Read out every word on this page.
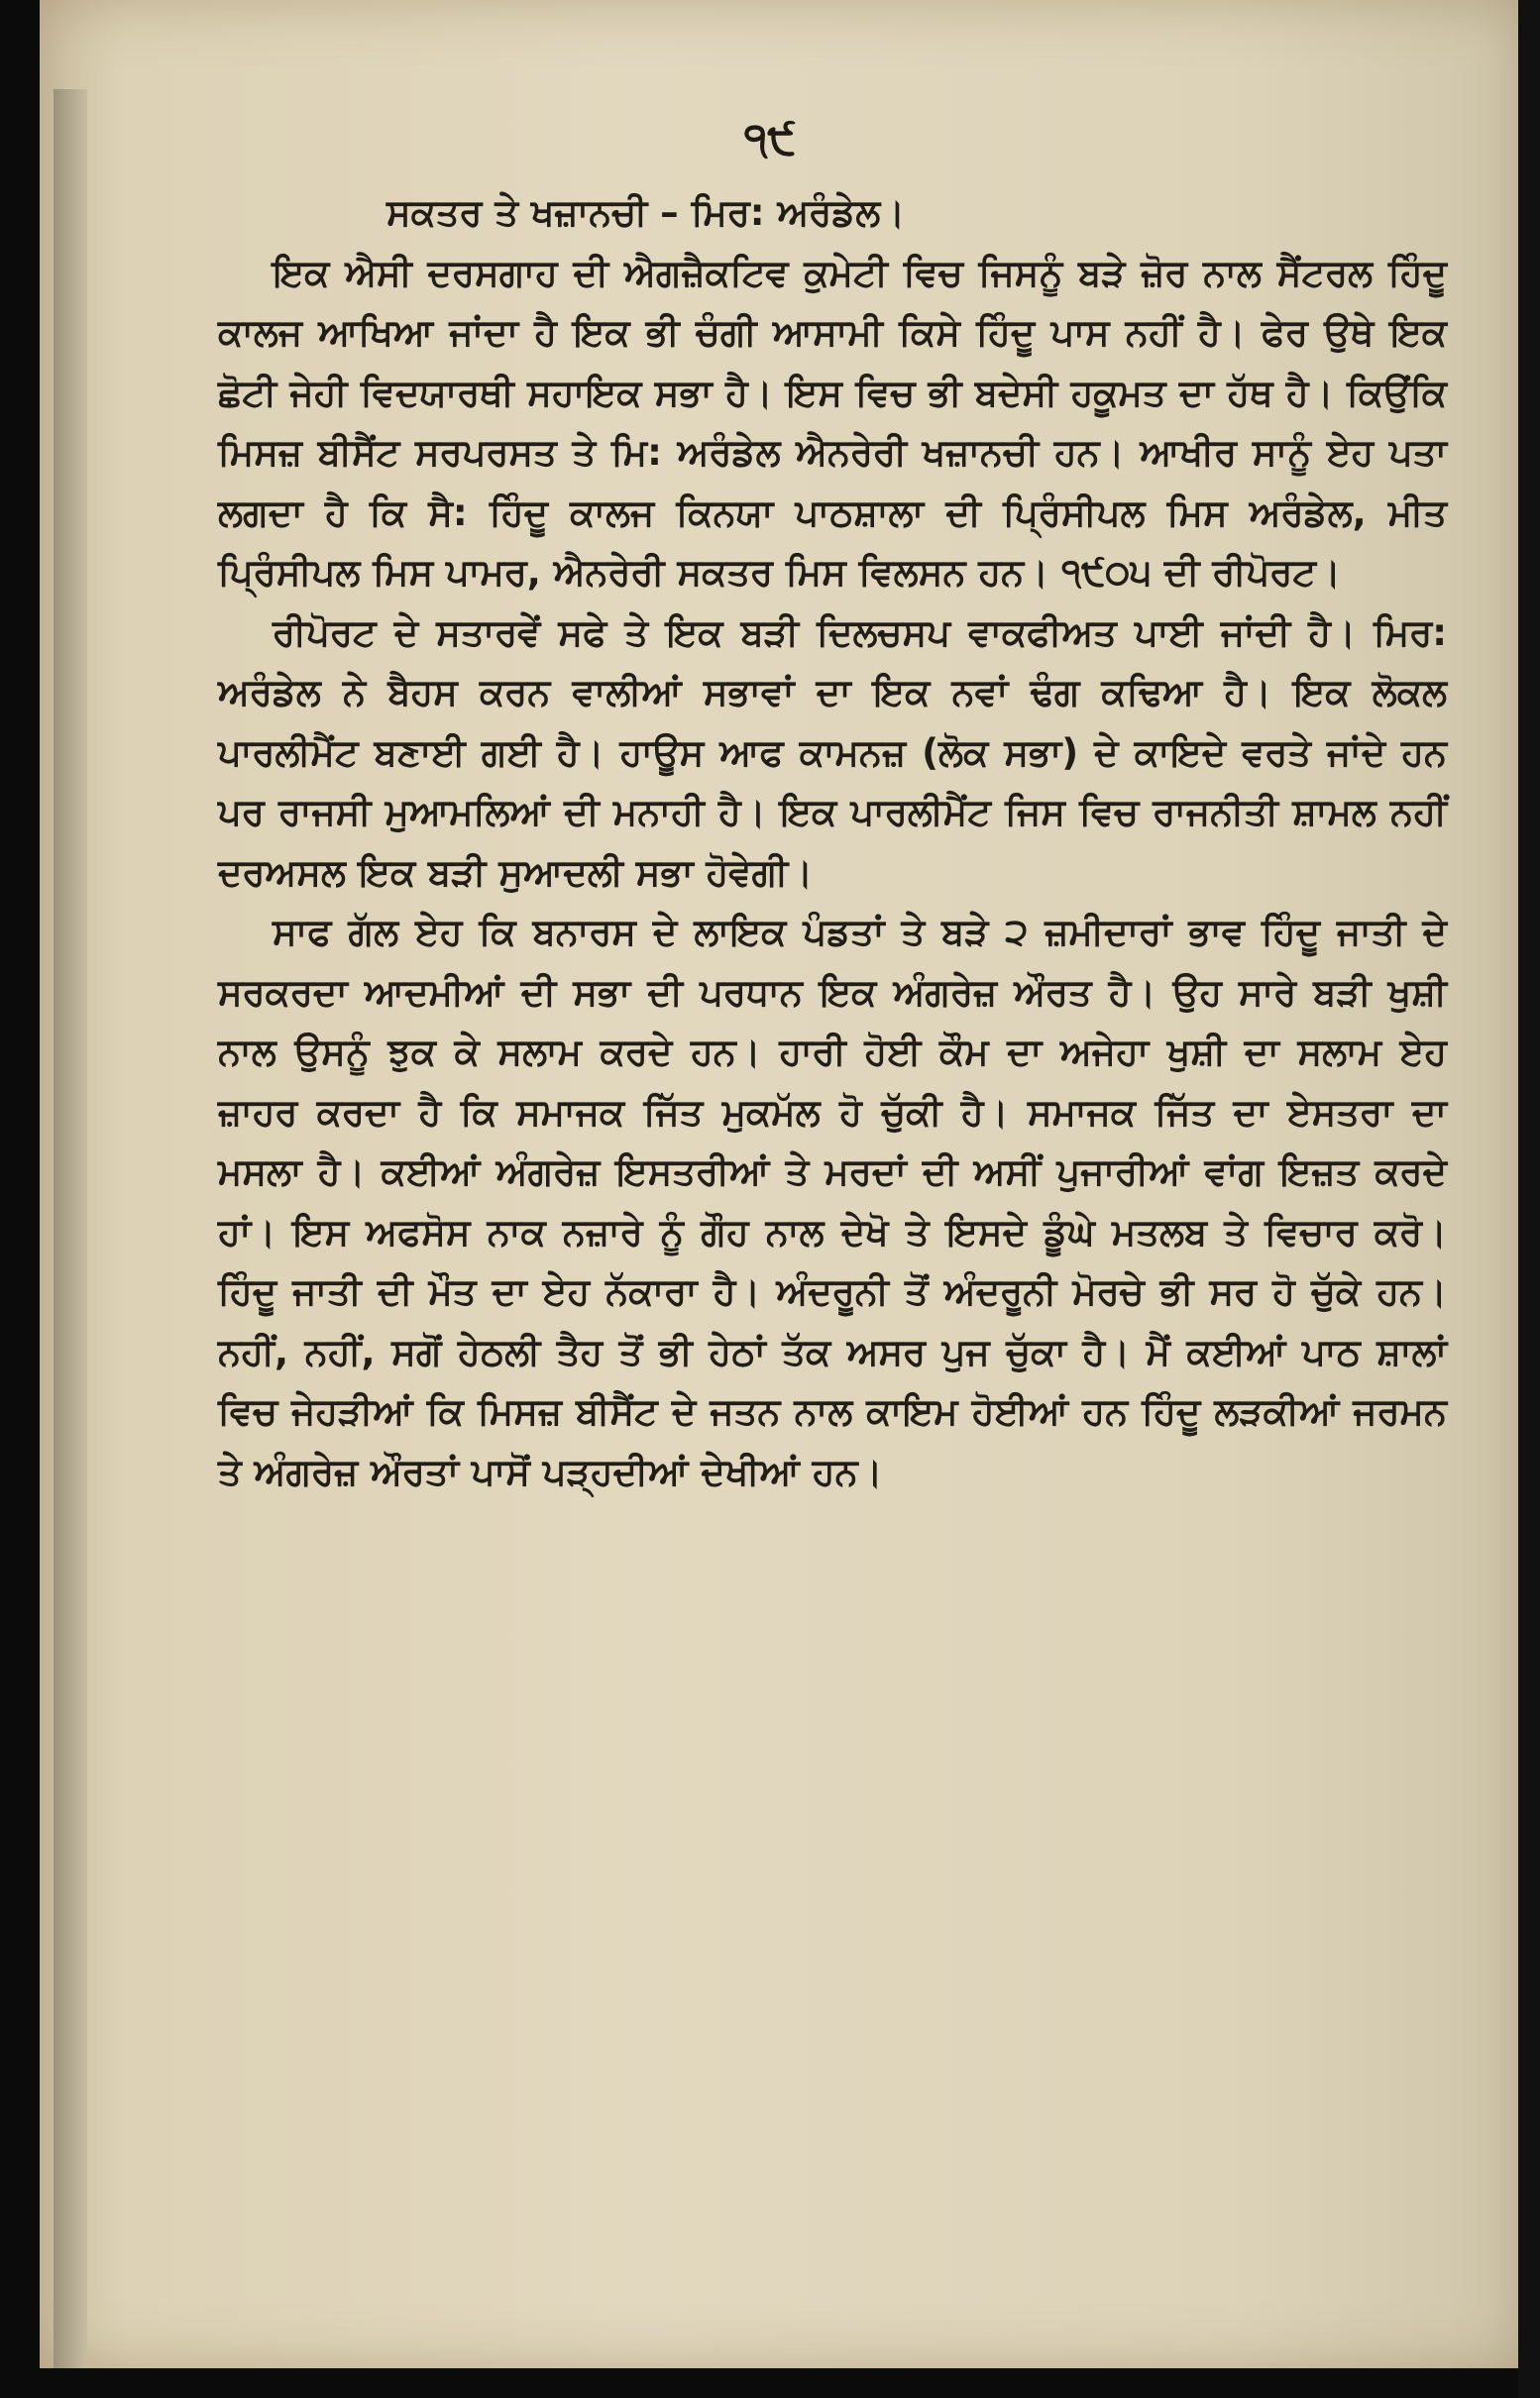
੧੯

ਸਕਤਰ ਤੇ ਖਜ਼ਾਨਚੀ – ਮਿਰ: ਅਰੰਡੇਲ।

ਇਕ ਐਸੀ ਦਰਸਗਾਹ ਦੀ ਐਗਜ਼ੈਕਟਿਵ ਕੁਮੇਟੀ ਵਿਚ ਜਿਸਨੂੰ ਬੜੇ ਜ਼ੋਰ ਨਾਲ ਸੈਂਟਰਲ ਹਿੰਦੂ ਕਾਲਜ ਆਖਿਆ ਜਾਂਦਾ ਹੈ ਇਕ ਭੀ ਚੰਗੀ ਆਸਾਮੀ ਕਿਸੇ ਹਿੰਦੂ ਪਾਸ ਨਹੀਂ ਹੈ। ਫੇਰ ਉਥੇ ਇਕ ਛੋਟੀ ਜੇਹੀ ਵਿਦਯਾਰਥੀ ਸਹਾਇਕ ਸਭਾ ਹੈ। ਇਸ ਵਿਚ ਭੀ ਬਦੇਸੀ ਹਕੂਮਤ ਦਾ ਹੱਥ ਹੈ। ਕਿਉਂਕਿ ਮਿਸਜ਼ ਬੀਸੈਂਟ ਸਰਪਰਸਤ ਤੇ ਮਿ: ਅਰੰਡੇਲ ਐਨਰੇਰੀ ਖਜ਼ਾਨਚੀ ਹਨ। ਆਖੀਰ ਸਾਨੂੰ ਏਹ ਪਤਾ ਲਗਦਾ ਹੈ ਕਿ ਸੈ: ਹਿੰਦੂ ਕਾਲਜ ਕਿਨਯਾ ਪਾਠਸ਼ਾਲਾ ਦੀ ਪ੍ਰਿੰਸੀਪਲ ਮਿਸ ਅਰੰਡੇਲ, ਮੀਤ ਪ੍ਰਿੰਸੀਪਲ ਮਿਸ ਪਾਮਰ, ਐਨਰੇਰੀ ਸਕਤਰ ਮਿਸ ਵਿਲਸਨ ਹਨ। ੧੯੦੫ ਦੀ ਰੀਪੋਰਟ।

ਰੀਪੋਰਟ ਦੇ ਸਤਾਰਵੇਂ ਸਫੇ ਤੇ ਇਕ ਬੜੀ ਦਿਲਚਸਪ ਵਾਕਫੀਅਤ ਪਾਈ ਜਾਂਦੀ ਹੈ। ਮਿਰ: ਅਰੰਡੇਲ ਨੇ ਬੈਹਸ ਕਰਨ ਵਾਲੀਆਂ ਸਭਾਵਾਂ ਦਾ ਇਕ ਨਵਾਂ ਢੰਗ ਕਢਿਆ ਹੈ। ਇਕ ਲੋਕਲ ਪਾਰਲੀਮੈਂਟ ਬਣਾਈ ਗਈ ਹੈ। ਹਾਊਸ ਆਫ ਕਾਮਨਜ਼ (ਲੋਕ ਸਭਾ) ਦੇ ਕਾਇਦੇ ਵਰਤੇ ਜਾਂਦੇ ਹਨ ਪਰ ਰਾਜਸੀ ਮੁਆਮਲਿਆਂ ਦੀ ਮਨਾਹੀ ਹੈ। ਇਕ ਪਾਰਲੀਮੈਂਟ ਜਿਸ ਵਿਚ ਰਾਜਨੀਤੀ ਸ਼ਾਮਲ ਨਹੀਂ ਦਰਅਸਲ ਇਕ ਬੜੀ ਸੁਆਦਲੀ ਸਭਾ ਹੋਵੇਗੀ।

ਸਾਫ ਗੱਲ ਏਹ ਕਿ ਬਨਾਰਸ ਦੇ ਲਾਇਕ ਪੰਡਤਾਂ ਤੇ ਬੜੇ ੨ ਜ਼ਮੀਦਾਰਾਂ ਭਾਵ ਹਿੰਦੂ ਜਾਤੀ ਦੇ ਸਰਕਰਦਾ ਆਦਮੀਆਂ ਦੀ ਸਭਾ ਦੀ ਪਰਧਾਨ ਇਕ ਅੰਗਰੇਜ਼ ਔਰਤ ਹੈ। ਉਹ ਸਾਰੇ ਬੜੀ ਖੁਸ਼ੀ ਨਾਲ ਉਸਨੂੰ ਝੁਕ ਕੇ ਸਲਾਮ ਕਰਦੇ ਹਨ। ਹਾਰੀ ਹੋਈ ਕੌਮ ਦਾ ਅਜੇਹਾ ਖੁਸ਼ੀ ਦਾ ਸਲਾਮ ਏਹ ਜ਼ਾਹਰ ਕਰਦਾ ਹੈ ਕਿ ਸਮਾਜਕ ਜਿੱਤ ਮੁਕਮੱਲ ਹੋ ਚੁੱਕੀ ਹੈ। ਸਮਾਜਕ ਜਿੱਤ ਦਾ ਏਸਤਰਾ ਦਾ ਮਸਲਾ ਹੈ। ਕਈਆਂ ਅੰਗਰੇਜ਼ ਇਸਤਰੀਆਂ ਤੇ ਮਰਦਾਂ ਦੀ ਅਸੀਂ ਪੁਜਾਰੀਆਂ ਵਾਂਗ ਇਜ਼ਤ ਕਰਦੇ ਹਾਂ। ਇਸ ਅਫਸੋਸ ਨਾਕ ਨਜ਼ਾਰੇ ਨੂੰ ਗੌਹ ਨਾਲ ਦੇਖੋ ਤੇ ਇਸਦੇ ਡੂੰਘੇ ਮਤਲਬ ਤੇ ਵਿਚਾਰ ਕਰੋ। ਹਿੰਦੂ ਜਾਤੀ ਦੀ ਮੌਤ ਦਾ ਏਹ ਨੱਕਾਰਾ ਹੈ। ਅੰਦਰੂਨੀ ਤੋਂ ਅੰਦਰੂਨੀ ਮੋਰਚੇ ਭੀ ਸਰ ਹੋ ਚੁੱਕੇ ਹਨ। ਨਹੀਂ, ਨਹੀਂ, ਸਗੋਂ ਹੇਠਲੀ ਤੈਹ ਤੋਂ ਭੀ ਹੇਠਾਂ ਤੱਕ ਅਸਰ ਪੁਜ ਚੁੱਕਾ ਹੈ। ਮੈਂ ਕਈਆਂ ਪਾਠ ਸ਼ਾਲਾਂ ਵਿਚ ਜੇਹੜੀਆਂ ਕਿ ਮਿਸਜ਼ ਬੀਸੈਂਟ ਦੇ ਜਤਨ ਨਾਲ ਕਾਇਮ ਹੋਈਆਂ ਹਨ ਹਿੰਦੂ ਲੜਕੀਆਂ ਜਰਮਨ ਤੇ ਅੰਗਰੇਜ਼ ਔਰਤਾਂ ਪਾਸੋਂ ਪੜ੍ਹਦੀਆਂ ਦੇਖੀਆਂ ਹਨ।
